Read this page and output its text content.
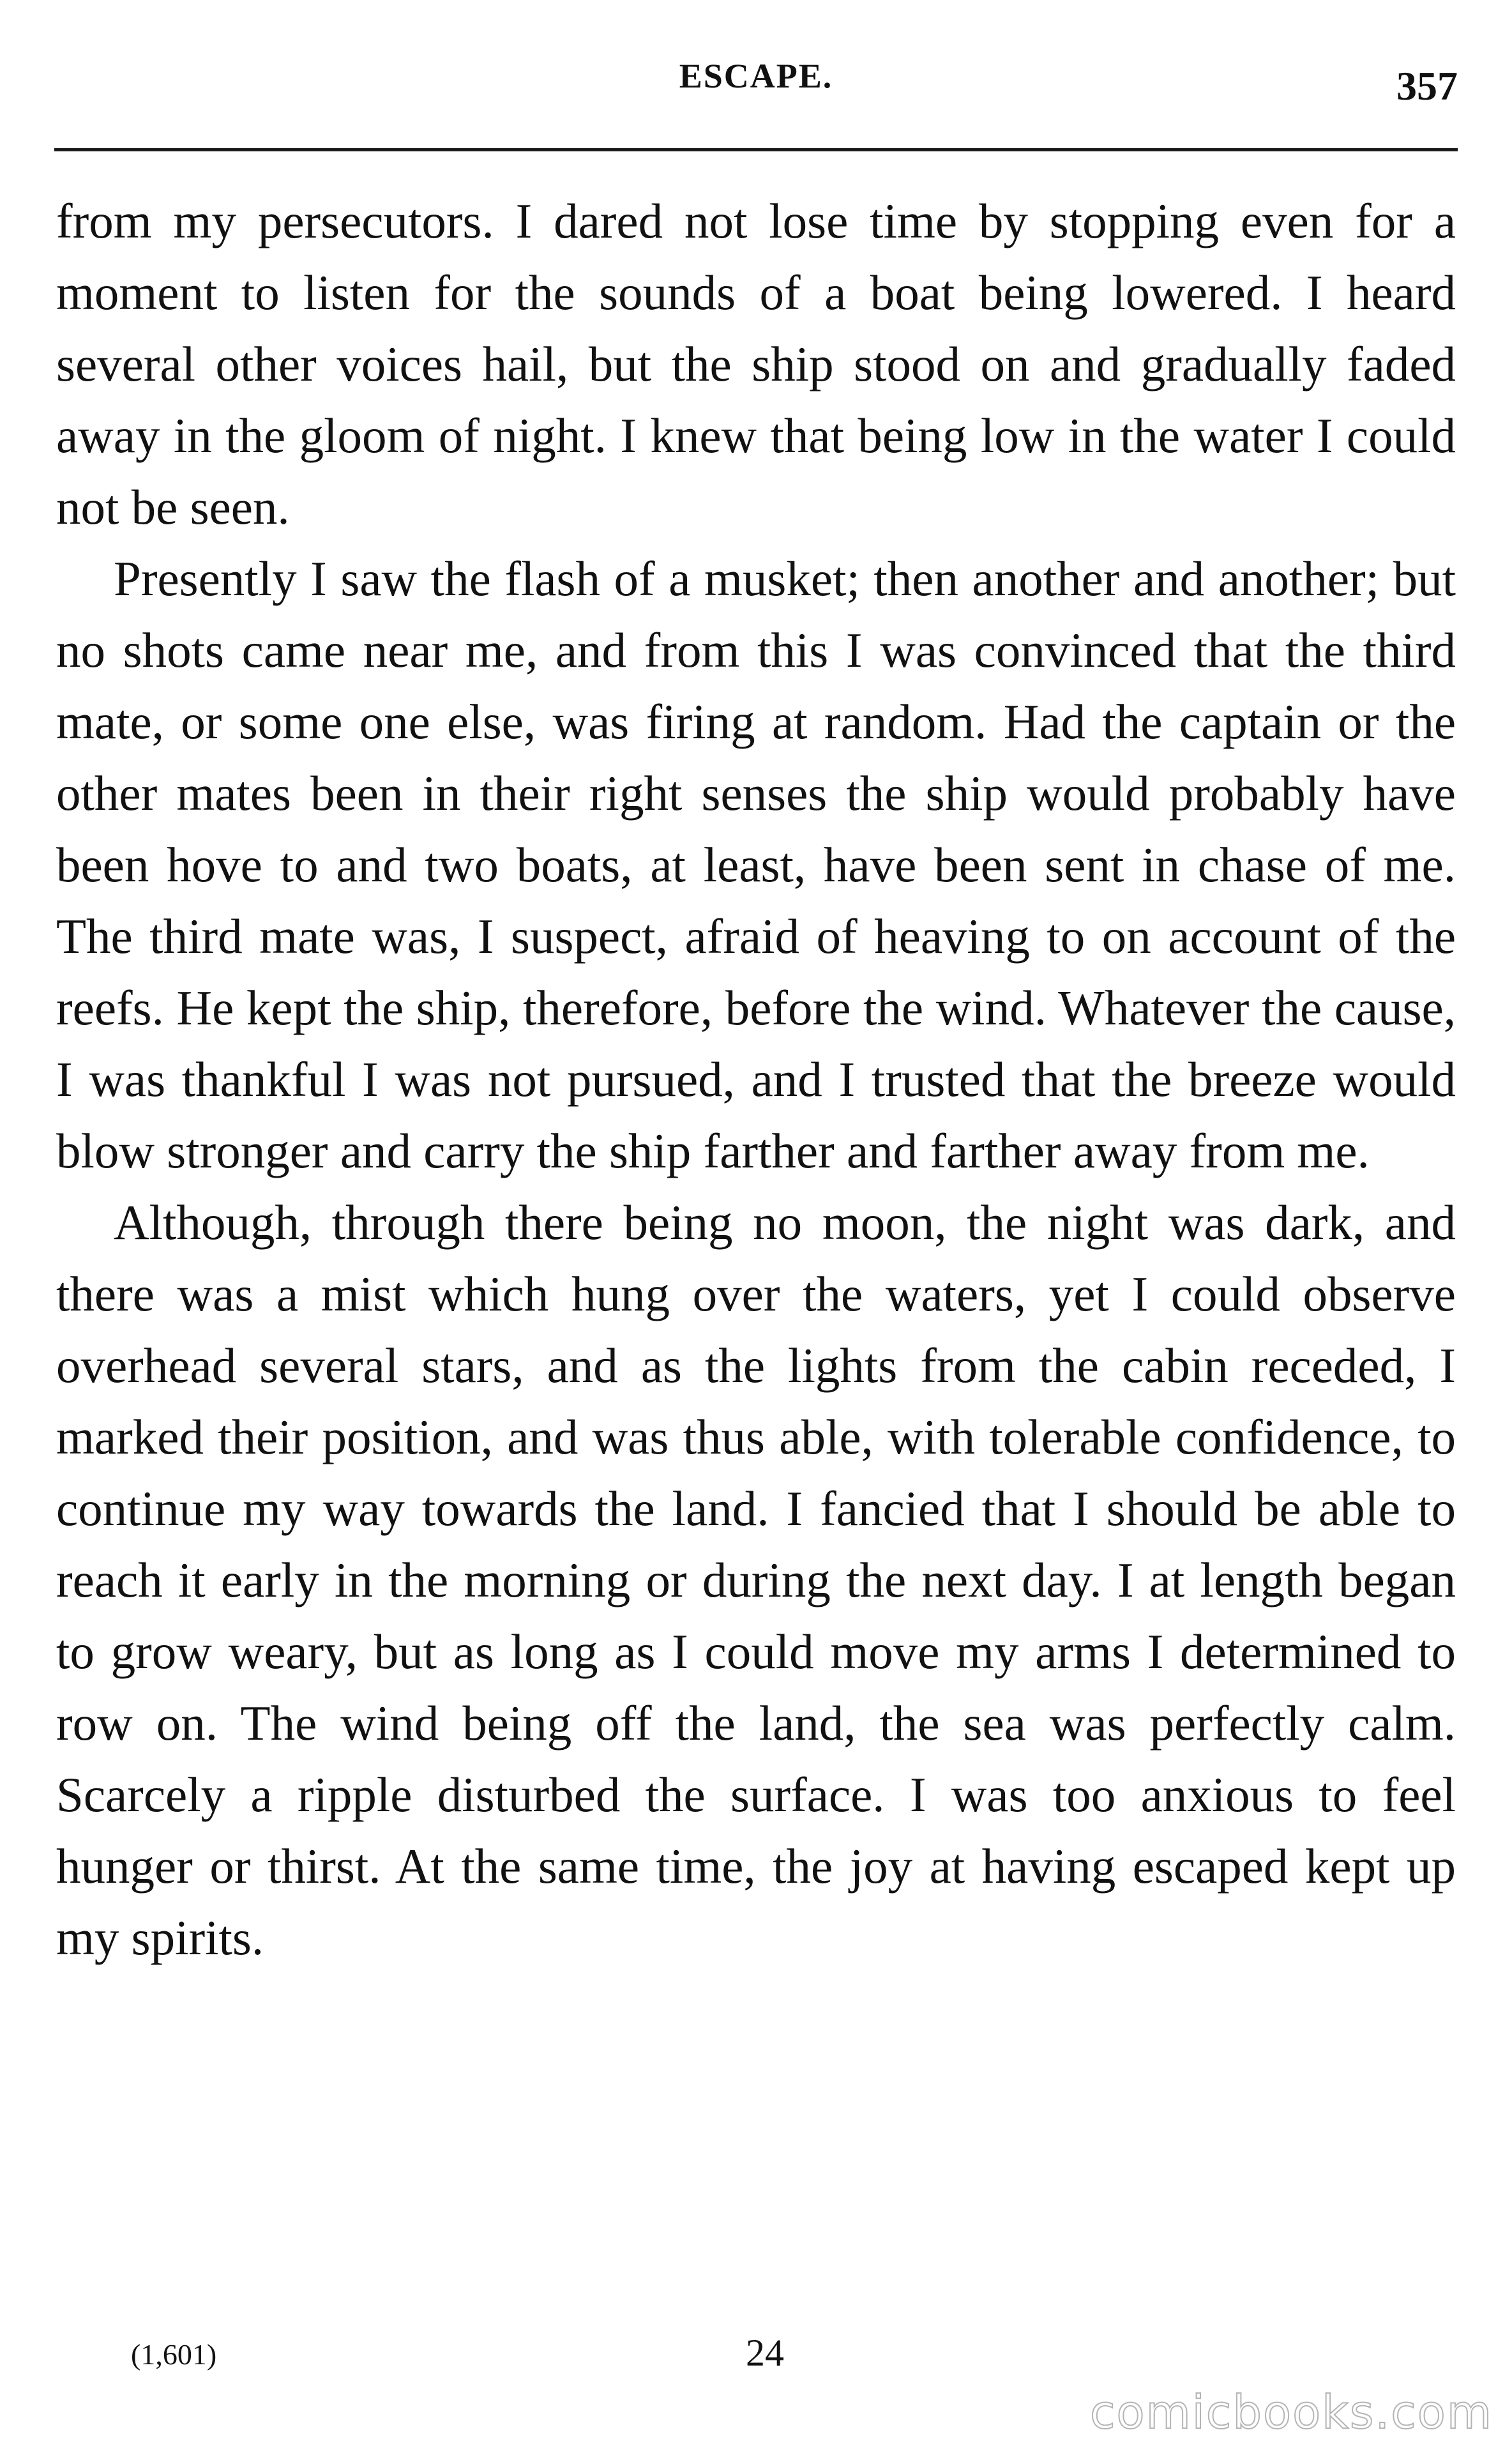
ESCAPE.	357

from my persecutors. I dared not lose time by stopping even for a moment to listen for the sounds of a boat being lowered. I heard several other voices hail, but the ship stood on and gradually faded away in the gloom of night. I knew that being low in the water I could not be seen.

Presently I saw the flash of a musket; then another and another; but no shots came near me, and from this I was convinced that the third mate, or some one else, was firing at random. Had the captain or the other mates been in their right senses the ship would probably have been hove to and two boats, at least, have been sent in chase of me. The third mate was, I suspect, afraid of heaving to on account of the reefs. He kept the ship, therefore, before the wind. Whatever the cause, I was thankful I was not pursued, and I trusted that the breeze would blow stronger and carry the ship farther and farther away from me.

Although, through there being no moon, the night was dark, and there was a mist which hung over the waters, yet I could observe overhead several stars, and as the lights from the cabin receded, I marked their position, and was thus able, with tolerable confidence, to continue my way towards the land. I fancied that I should be able to reach it early in the morning or during the next day. I at length began to grow weary, but as long as I could move my arms I determined to row on. The wind being off the land, the sea was perfectly calm. Scarcely a ripple disturbed the surface. I was too anxious to feel hunger or thirst. At the same time, the joy at having escaped kept up my spirits.

(1,601)	24
comicbooks.com
